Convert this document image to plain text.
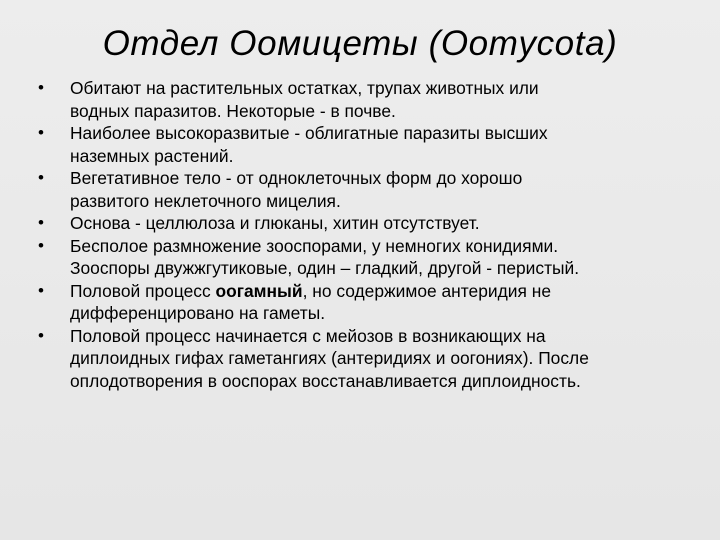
Отдел Оомицеты (Oomycota)
•	Обитают на растительных остатках, трупах животных или
водных паразитов. Некоторые - в почве.
•	Наиболее высокоразвитые - облигатные паразиты высших
наземных растений.
•	Вегетативное тело - от одноклеточных форм до хорошо
развитого неклеточного мицелия.
•	Основа - целлюлоза и глюканы, хитин отсутствует.
•	Бесполое размножение зооспорами, у немногих конидиями.
Зооспоры двужжгутиковые, один – гладкий, другой - перистый.
•	Половой процесс оогамный, но содержимое антеридия не
дифференцировано на гаметы.
•	Половой процесс начинается с мейозов в возникающих на
диплоидных гифах гаметангиях (антеридиях и оогониях). После
оплодотворения в ооспорах восстанавливается диплоидность.
